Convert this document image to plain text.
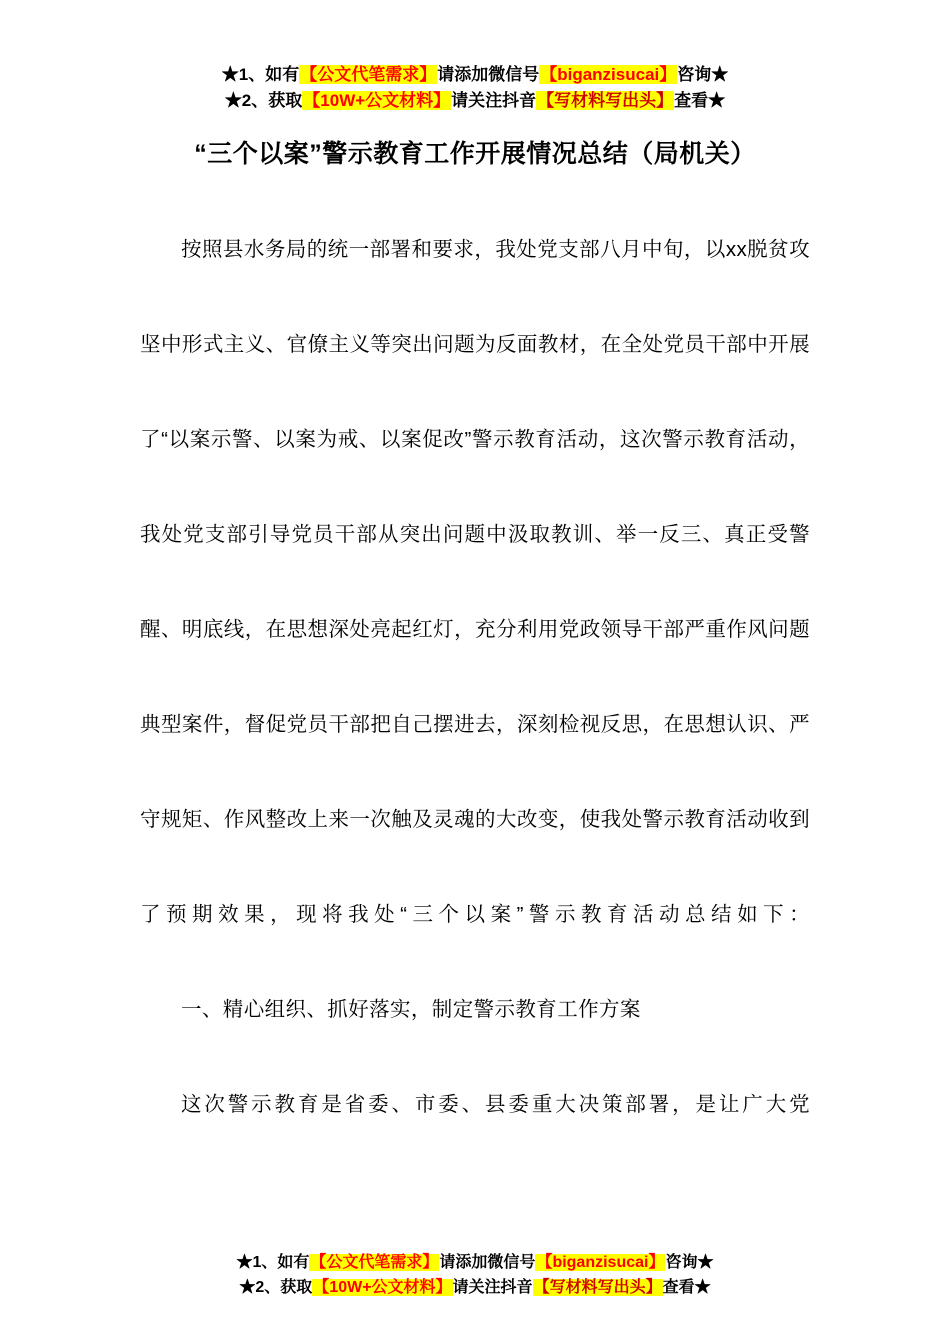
★1、如有【公文代笔需求】请添加微信号【biganzisucai】咨询★
★2、获取【10W+公文材料】请关注抖音【写材料写出头】查看★
“三个以案”警示教育工作开展情况总结（局机关）

按照县水务局的统一部署和要求，我处党支部八月中旬，以xx脱贫攻坚中形式主义、官僚主义等突出问题为反面教材，在全处党员干部中开展了“以案示警、以案为戒、以案促改”警示教育活动，这次警示教育活动，我处党支部引导党员干部从突出问题中汲取教训、举一反三、真正受警醒、明底线，在思想深处亮起红灯，充分利用党政领导干部严重作风问题典型案件，督促党员干部把自己摆进去，深刻检视反思，在思想认识、严守规矩、作风整改上来一次触及灵魂的大改变，使我处警示教育活动收到了预期效果，现将我处“三个以案”警示教育活动总结如下：

一、精心组织、抓好落实，制定警示教育工作方案

这次警示教育是省委、市委、县委重大决策部署，是让广大党

★1、如有【公文代笔需求】请添加微信号【biganzisucai】咨询★
★2、获取【10W+公文材料】请关注抖音【写材料写出头】查看★
